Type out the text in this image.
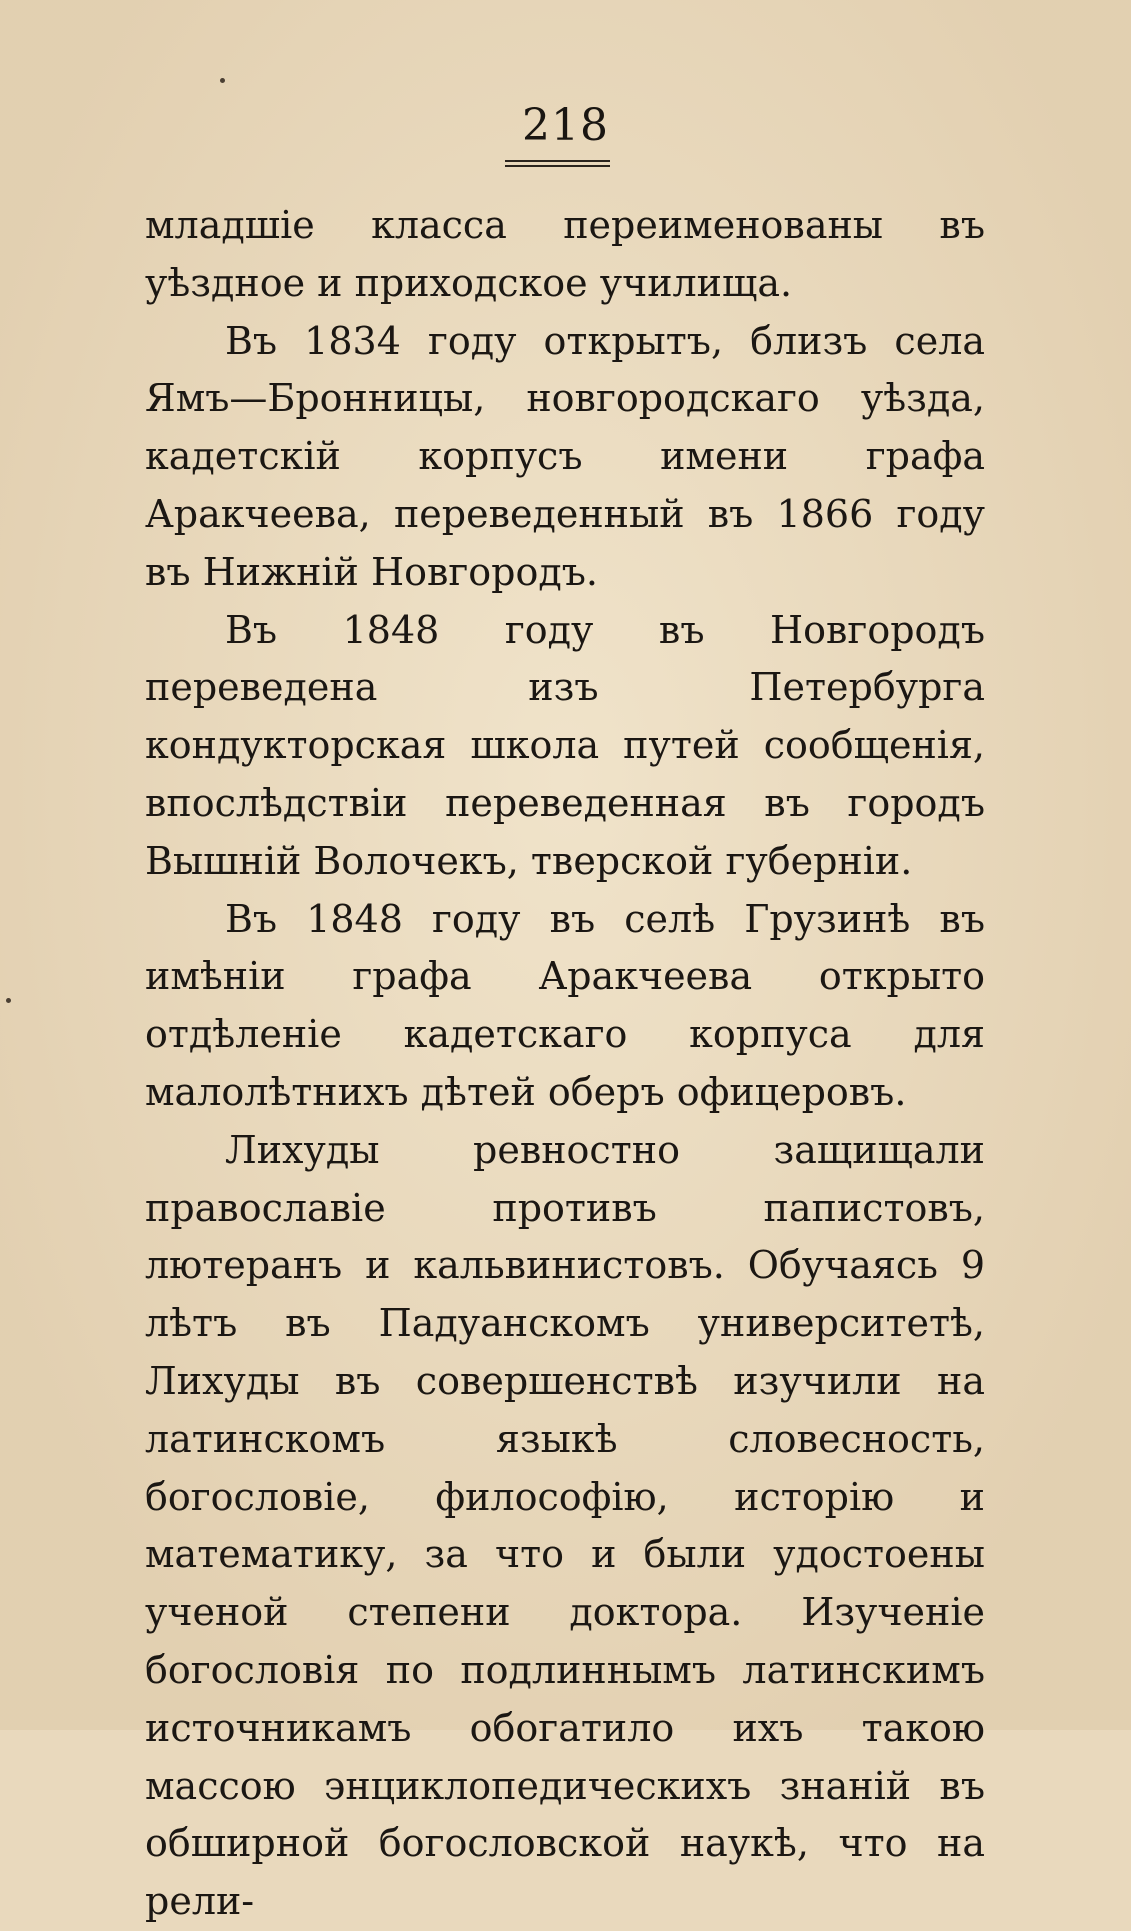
218

младшіе класса переименованы въ уѣздное и приходское училища.

Въ 1834 году открытъ, близъ села Ямъ—Бронницы, новгородскаго уѣзда, кадетскій корпусъ имени графа Аракчеева, переведенный въ 1866 году въ Нижній Новгородъ.

Въ 1848 году въ Новгородъ переведена изъ Петербурга кондукторская школа путей сообщенія, впослѣдствіи переведенная въ городъ Вышній Волочекъ, тверской губерніи.

Въ 1848 году въ селѣ Грузинѣ въ имѣніи графа Аракчеева открыто отдѣленіе кадетскаго корпуса для малолѣтнихъ дѣтей оберъ офицеровъ.

Лихуды ревностно защищали православіе противъ папистовъ, лютеранъ и кальвинистовъ. Обучаясь 9 лѣтъ въ Падуанскомъ университетѣ, Лихуды въ совершенствѣ изучили на латинскомъ языкѣ словесность, богословіе, философію, исторію и математику, за что и были удостоены ученой степени доктора. Изученіе богословія по подлиннымъ латинскимъ источникамъ обогатило ихъ такою массою энциклопедическихъ знаній въ обширной богословской наукѣ, что на рели-
